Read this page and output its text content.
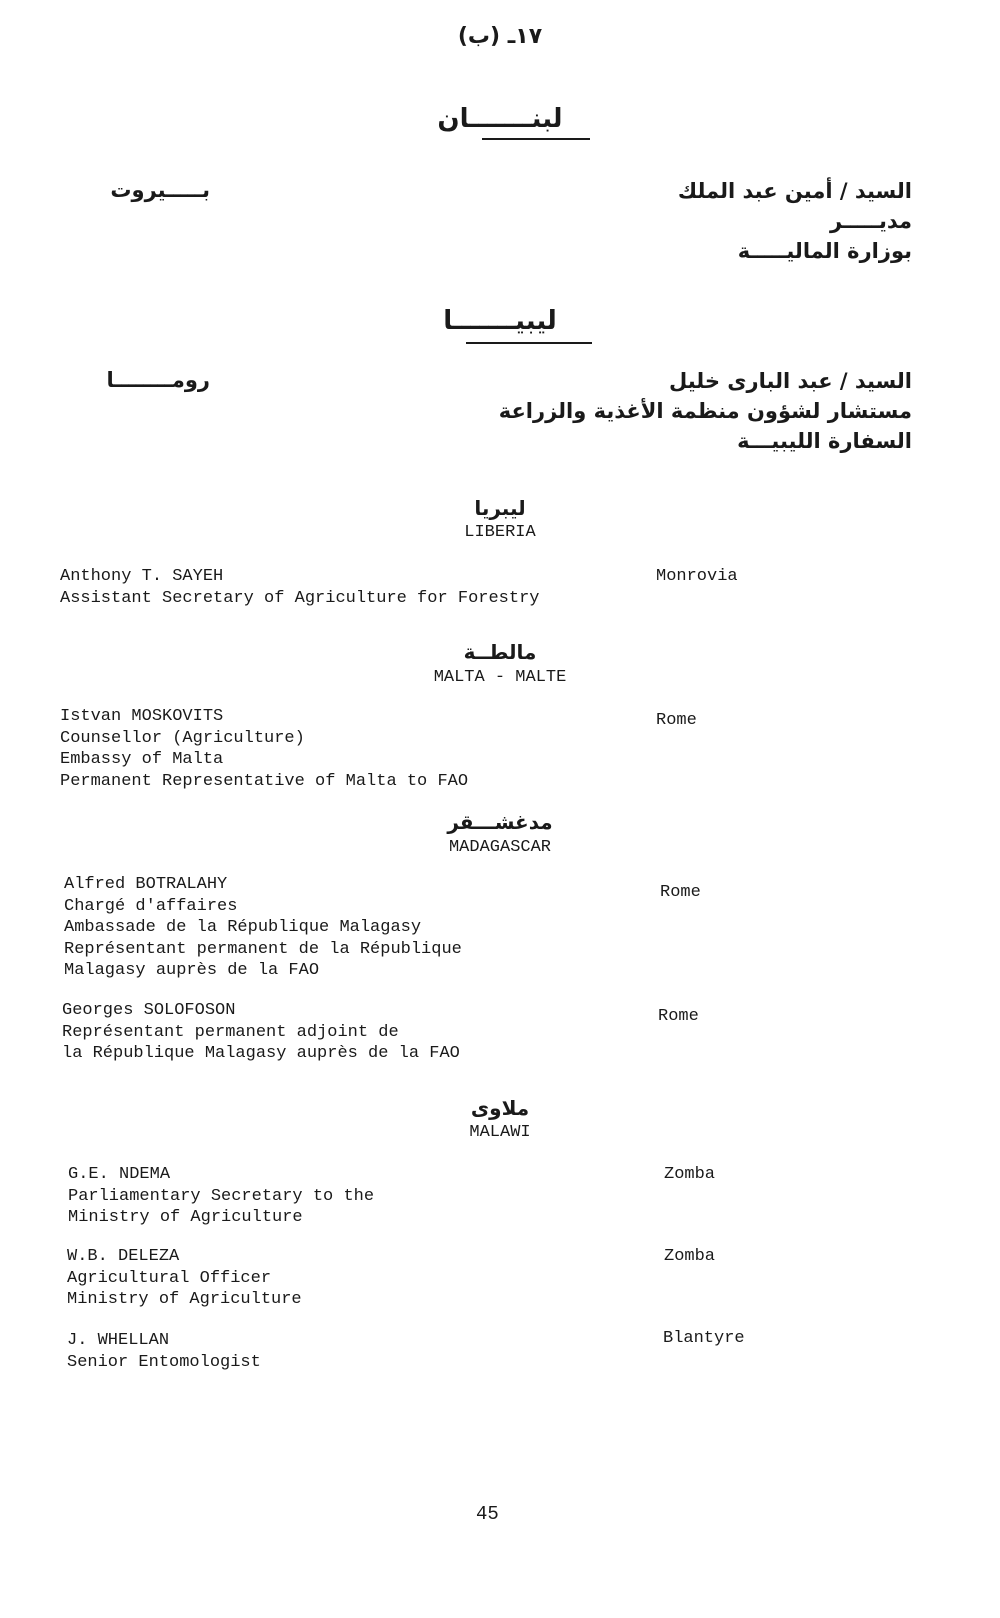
١٧ـ (ب)
لبنـــــــان
بـــــيروت	السيد / أمين عبد الملك
مديـــــر
بوزارة الماليـــــة
ليبيـــــــا
رومــــــــا	السيد / عبد البارى خليل
مستشار لشؤون منظمة الأغذية والزراعة
السفارة الليبيـــة
ليبريا
LIBERIA
Anthony T. SAYEH
Assistant Secretary of Agriculture for Forestry
Monrovia
مالطــة
MALTA - MALTE
Istvan MOSKOVITS
Counsellor (Agriculture)
Embassy of Malta
Permanent Representative of Malta to FAO
Rome
مدغشـــقر
MADAGASCAR
Alfred BOTRALAHY
Chargé d'affaires
Ambassade de la République Malagasy
Représentant permanent de la République
Malagasy auprès de la FAO
Rome
Georges SOLOFOSON
Représentant permanent adjoint de
la République Malagasy auprès de la FAO
Rome
ملاوى
MALAWI
G.E. NDEMA
Parliamentary Secretary to the
Ministry of Agriculture
Zomba
W.B. DELEZA
Agricultural Officer
Ministry of Agriculture
Zomba
J. WHELLAN
Senior Entomologist
Blantyre
45
